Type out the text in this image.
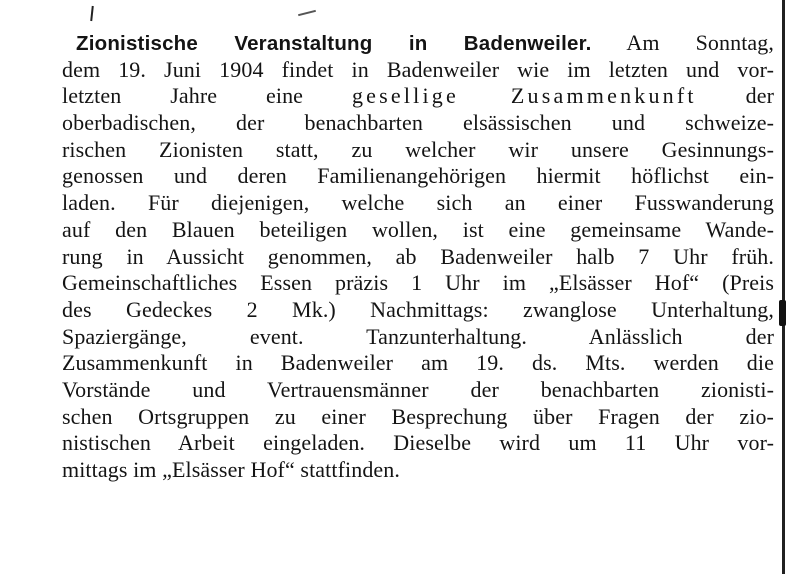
Zionistische Veranstaltung in Badenweiler. Am Sonntag,
dem 19. Juni 1904 findet in Badenweiler wie im letzten und vor-
letzten Jahre eine gesellige Zusammenkunft der
oberbadischen, der benachbarten elsässischen und schweize-
rischen Zionisten statt, zu welcher wir unsere Gesinnungs-
genossen und deren Familienangehörigen hiermit höflichst ein-
laden. Für diejenigen, welche sich an einer Fusswanderung
auf den Blauen beteiligen wollen, ist eine gemeinsame Wande-
rung in Aussicht genommen, ab Badenweiler halb 7 Uhr früh.
Gemeinschaftliches Essen präzis 1 Uhr im „Elsässer Hof“ (Preis
des Gedeckes 2 Mk.) Nachmittags: zwanglose Unterhaltung,
Spaziergänge, event. Tanzunterhaltung. Anlässlich der
Zusammenkunft in Badenweiler am 19. ds. Mts. werden die
Vorstände und Vertrauensmänner der benachbarten zionisti-
schen Ortsgruppen zu einer Besprechung über Fragen der zio-
nistischen Arbeit eingeladen. Dieselbe wird um 11 Uhr vor-
mittags im „Elsässer Hof“ stattfinden.
